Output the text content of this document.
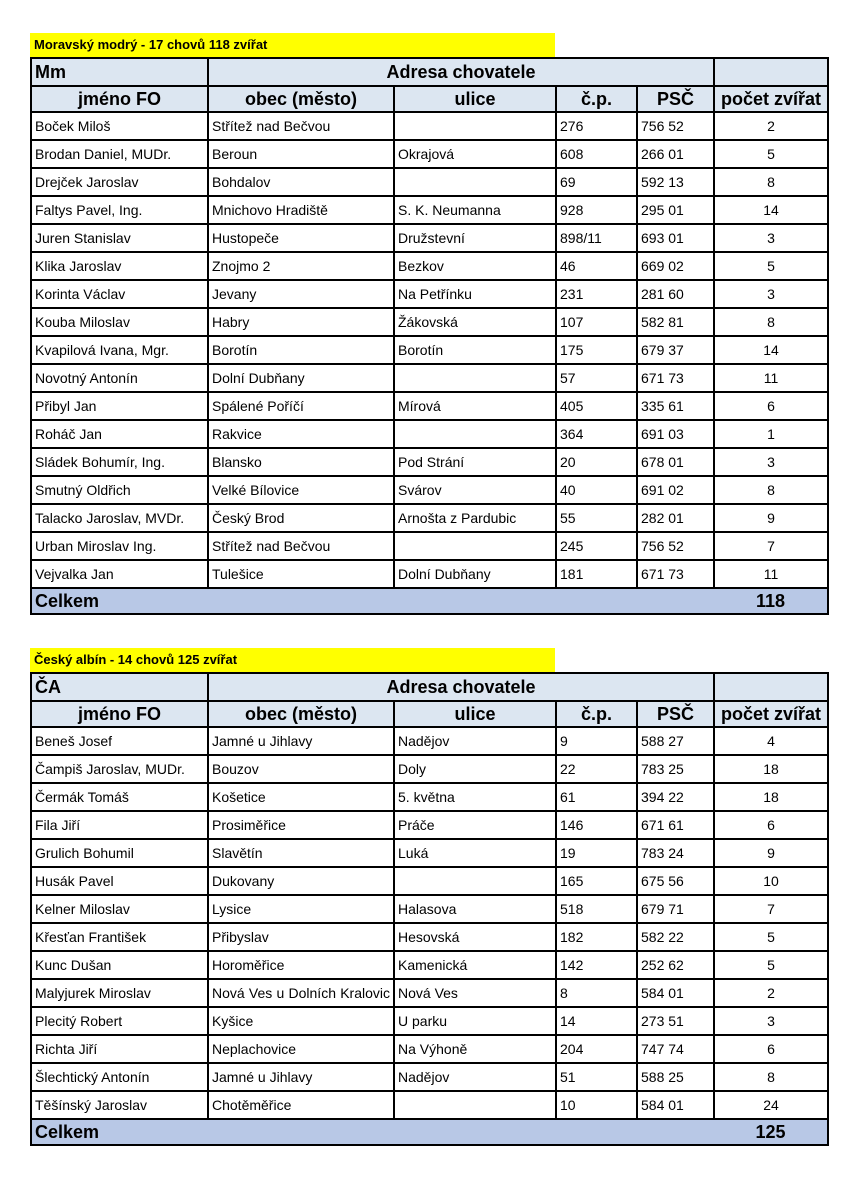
Moravský modrý - 17 chovů 118 zvířat
Mm	Adresa chovatele				
jméno FO	obec (město)	ulice	č.p.	PSČ	počet zvířat
Boček Miloš	Střítež nad Bečvou		276	756 52	2
Brodan Daniel, MUDr.	Beroun	Okrajová	608	266 01	5
Drejček Jaroslav	Bohdalov		69	592 13	8
Faltys Pavel, Ing.	Mnichovo Hradiště	S. K. Neumanna	928	295 01	14
Juren Stanislav	Hustopeče	Družstevní	898/11	693 01	3
Klika Jaroslav	Znojmo 2	Bezkov	46	669 02	5
Korinta Václav	Jevany	Na Petřínku	231	281 60	3
Kouba Miloslav	Habry	Žákovská	107	582 81	8
Kvapilová Ivana, Mgr.	Borotín	Borotín	175	679 37	14
Novotný Antonín	Dolní Dubňany		57	671 73	11
Přibyl Jan	Spálené Poříčí	Mírová	405	335 61	6
Roháč Jan	Rakvice		364	691 03	1
Sládek Bohumír, Ing.	Blansko	Pod Strání	20	678 01	3
Smutný Oldřich	Velké Bílovice	Svárov	40	691 02	8
Talacko Jaroslav, MVDr.	Český Brod	Arnošta z Pardubic	55	282 01	9
Urban Miroslav Ing.	Střítež nad Bečvou		245	756 52	7
Vejvalka Jan	Tulešice	Dolní Dubňany	181	671 73	11
Celkem					118
Český albín - 14 chovů 125 zvířat
ČA	Adresa chovatele				
jméno FO	obec (město)	ulice	č.p.	PSČ	počet zvířat
Beneš Josef	Jamné u Jihlavy	Nadějov	9	588 27	4
Čampiš Jaroslav, MUDr.	Bouzov	Doly	22	783 25	18
Čermák Tomáš	Košetice	5. května	61	394 22	18
Fila Jiří	Prosiměřice	Práče	146	671 61	6
Grulich Bohumil	Slavětín	Luká	19	783 24	9
Husák Pavel	Dukovany		165	675 56	10
Kelner Miloslav	Lysice	Halasova	518	679 71	7
Křesťan František	Přibyslav	Hesovská	182	582 22	5
Kunc Dušan	Horoměřice	Kamenická	142	252 62	5
Malyjurek Miroslav	Nová Ves u Dolních Kralovic	Nová Ves	8	584 01	2
Plecitý Robert	Kyšice	U parku	14	273 51	3
Richta Jiří	Neplachovice	Na Výhoně	204	747 74	6
Šlechtický Antonín	Jamné u Jihlavy	Nadějov	51	588 25	8
Těšínský Jaroslav	Chotěměřice		10	584 01	24
Celkem					125
